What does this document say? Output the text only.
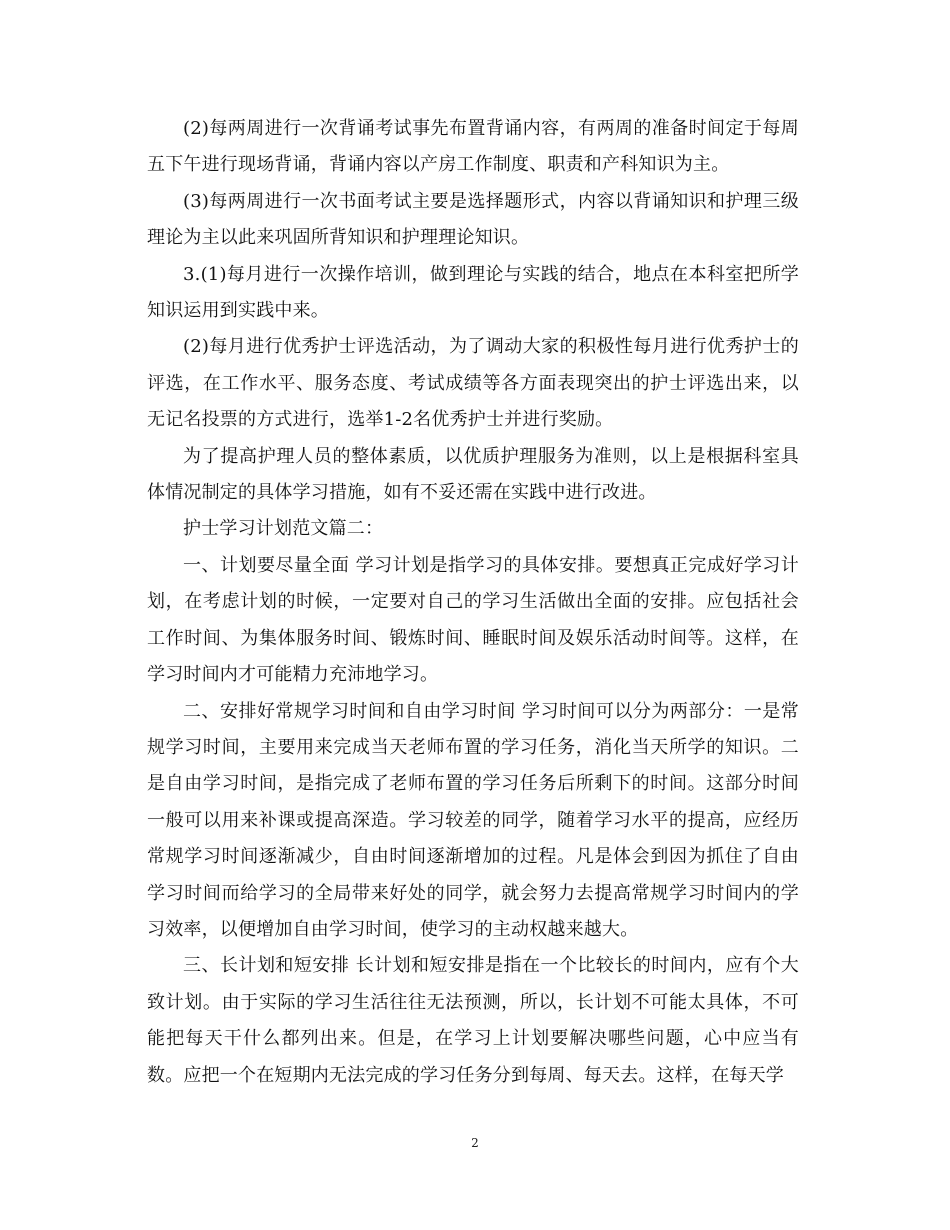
(2)每两周进行一次背诵考试事先布置背诵内容，有两周的准备时间定于每周五下午进行现场背诵，背诵内容以产房工作制度、职责和产科知识为主。

(3)每两周进行一次书面考试主要是选择题形式，内容以背诵知识和护理三级理论为主以此来巩固所背知识和护理理论知识。

3.(1)每月进行一次操作培训，做到理论与实践的结合，地点在本科室把所学知识运用到实践中来。

(2)每月进行优秀护士评选活动，为了调动大家的积极性每月进行优秀护士的评选，在工作水平、服务态度、考试成绩等各方面表现突出的护士评选出来，以无记名投票的方式进行，选举1-2名优秀护士并进行奖励。

为了提高护理人员的整体素质，以优质护理服务为准则，以上是根据科室具体情况制定的具体学习措施，如有不妥还需在实践中进行改进。

护士学习计划范文篇二：

一、计划要尽量全面 学习计划是指学习的具体安排。要想真正完成好学习计划，在考虑计划的时候，一定要对自己的学习生活做出全面的安排。应包括社会工作时间、为集体服务时间、锻炼时间、睡眠时间及娱乐活动时间等。这样，在学习时间内才可能精力充沛地学习。

二、安排好常规学习时间和自由学习时间 学习时间可以分为两部分：一是常规学习时间，主要用来完成当天老师布置的学习任务，消化当天所学的知识。二是自由学习时间，是指完成了老师布置的学习任务后所剩下的时间。这部分时间一般可以用来补课或提高深造。学习较差的同学，随着学习水平的提高，应经历常规学习时间逐渐减少，自由时间逐渐增加的过程。凡是体会到因为抓住了自由学习时间而给学习的全局带来好处的同学，就会努力去提高常规学习时间内的学习效率，以便增加自由学习时间，使学习的主动权越来越大。

三、长计划和短安排 长计划和短安排是指在一个比较长的时间内，应有个大致计划。由于实际的学习生活往往无法预测，所以，长计划不可能太具体，不可能把每天干什么都列出来。但是，在学习上计划要解决哪些问题，心中应当有数。应把一个在短期内无法完成的学习任务分到每周、每天去。这样，在每天学

2
